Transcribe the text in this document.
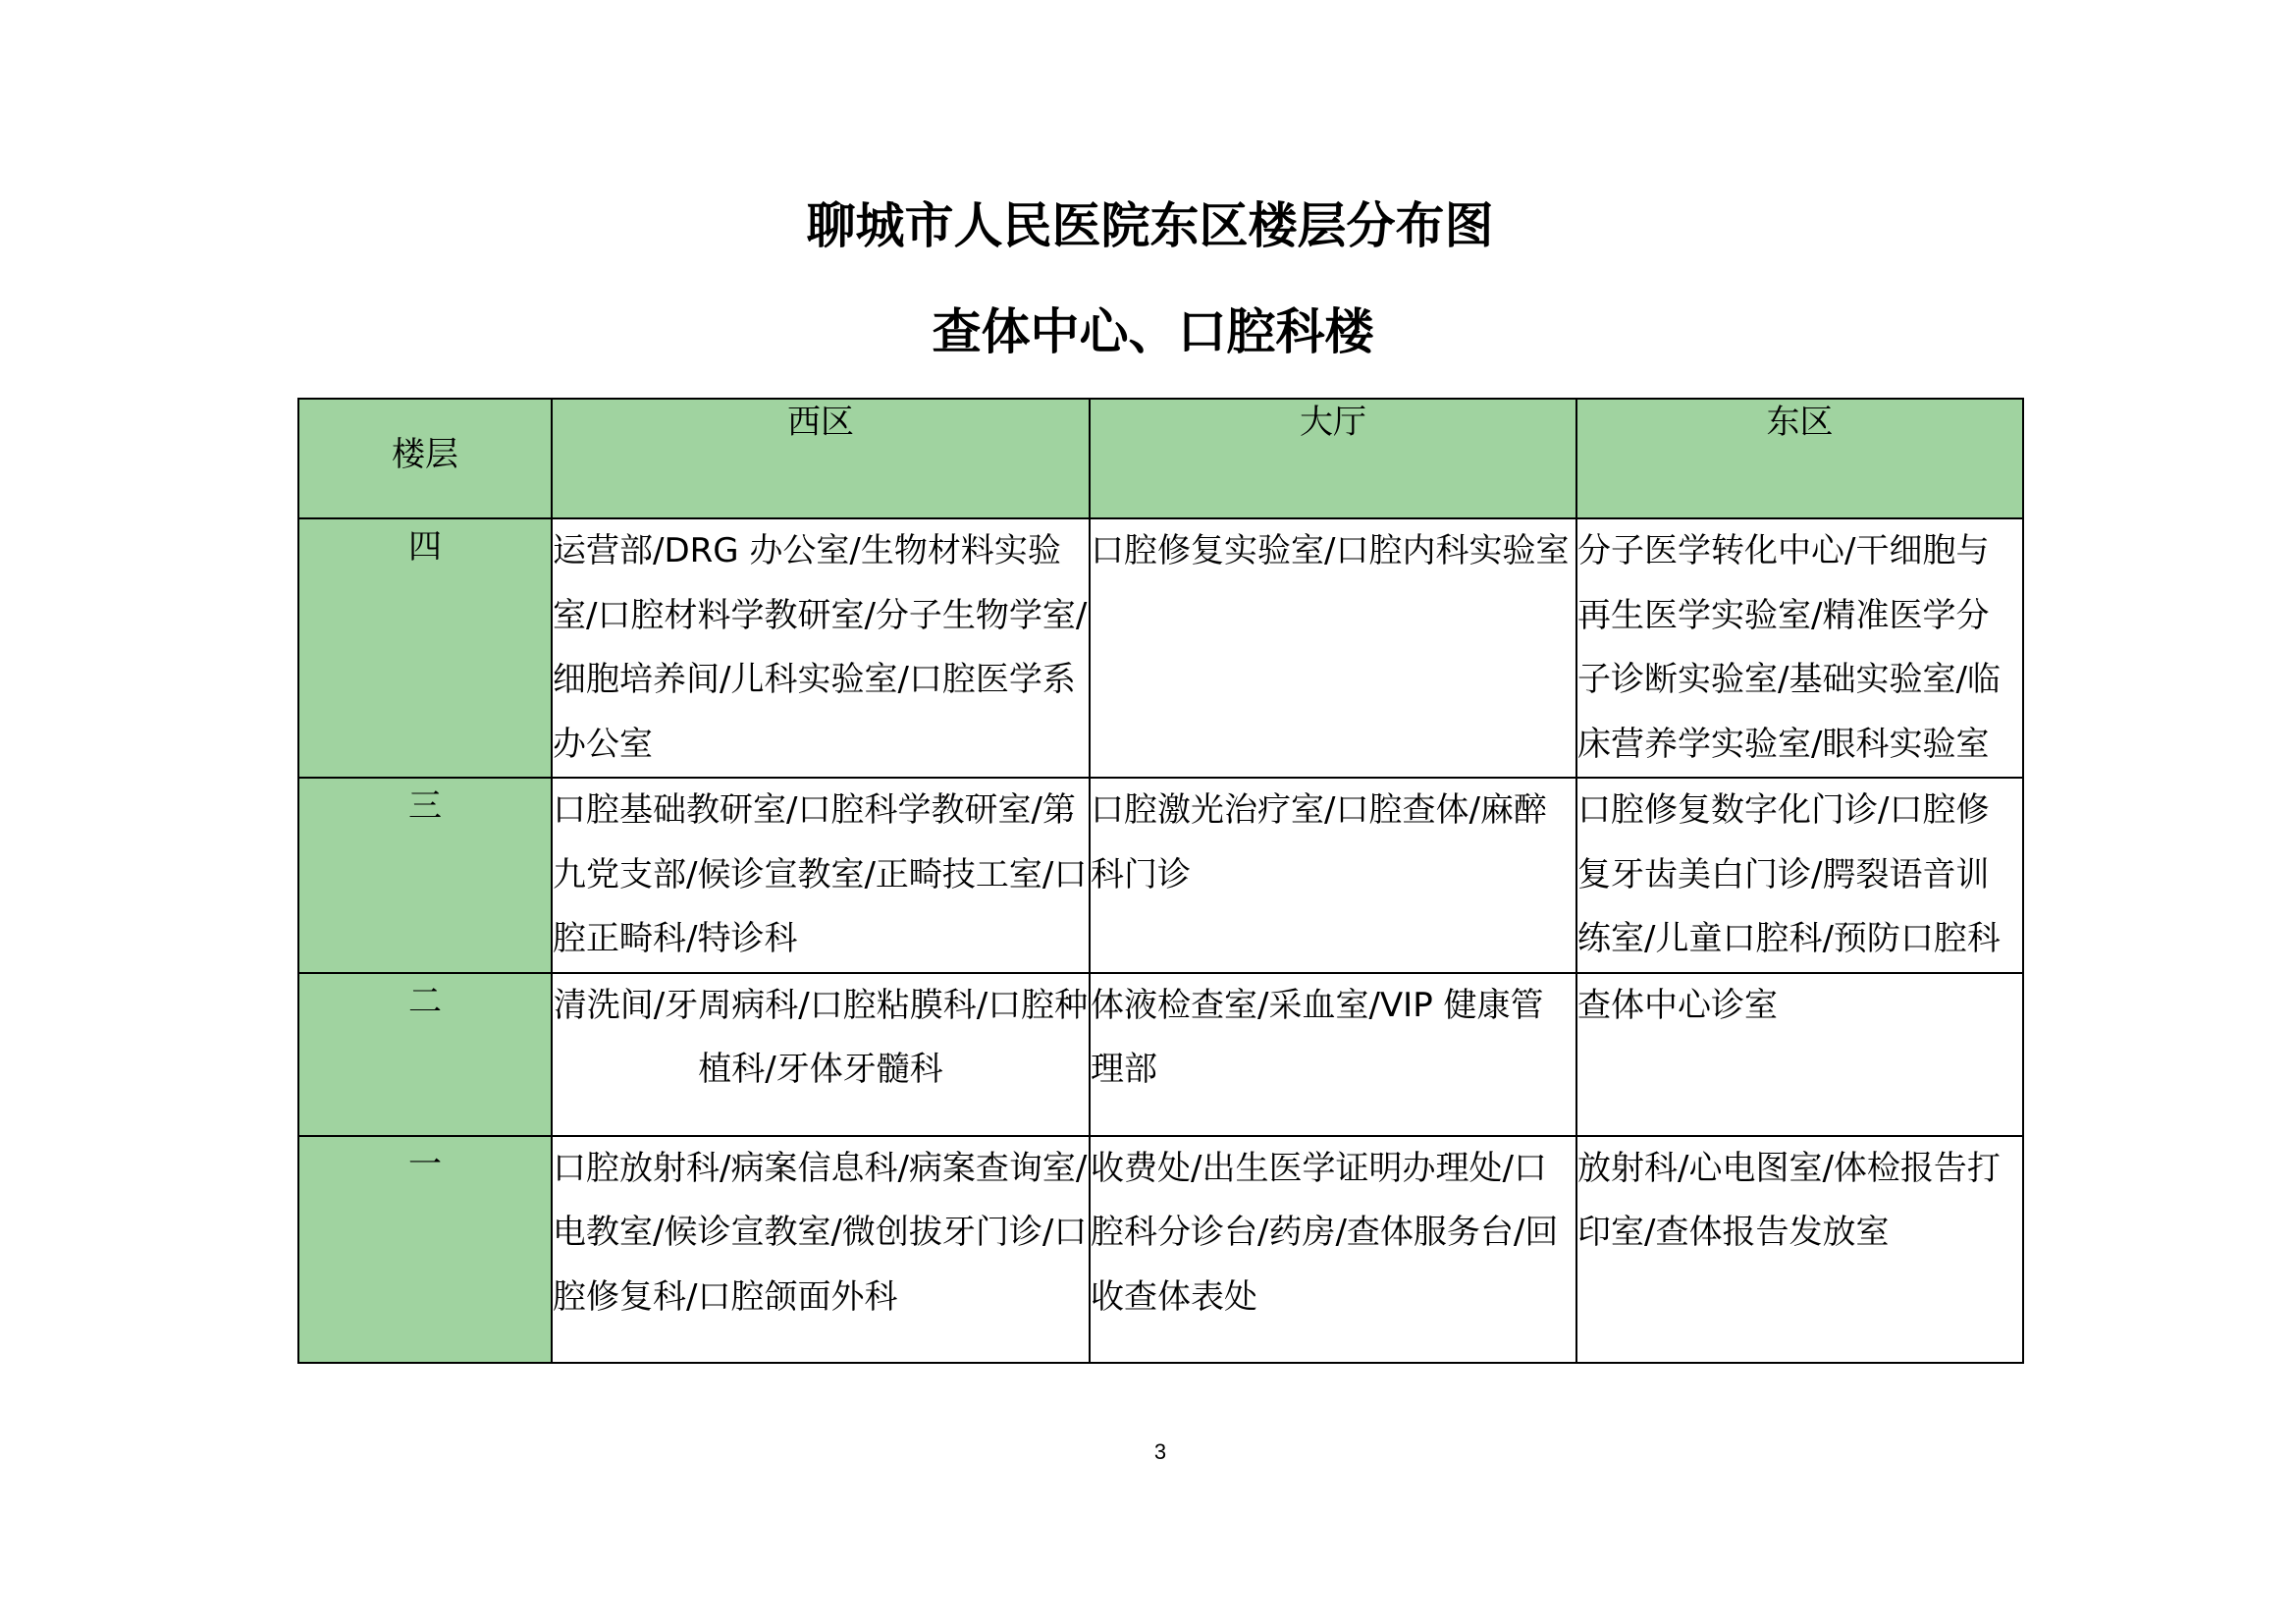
聊城市人民医院东区楼层分布图
查体中心、口腔科楼
楼层	西区	大厅	东区
四	运营部/DRG 办公室/生物材料实验室/口腔材料学教研室/分子生物学室/细胞培养间/儿科实验室/口腔医学系办公室	口腔修复实验室/口腔内科实验室	分子医学转化中心/干细胞与再生医学实验室/精准医学分子诊断实验室/基础实验室/临床营养学实验室/眼科实验室
三	口腔基础教研室/口腔科学教研室/第九党支部/候诊宣教室/正畸技工室/口腔正畸科/特诊科	口腔激光治疗室/口腔查体/麻醉科门诊	口腔修复数字化门诊/口腔修复牙齿美白门诊/腭裂语音训练室/儿童口腔科/预防口腔科
二	清洗间/牙周病科/口腔粘膜科/口腔种植科/牙体牙髓科	体液检查室/采血室/VIP 健康管理部	查体中心诊室
一	口腔放射科/病案信息科/病案查询室/电教室/候诊宣教室/微创拔牙门诊/口腔修复科/口腔颌面外科	收费处/出生医学证明办理处/口腔科分诊台/药房/查体服务台/回收查体表处	放射科/心电图室/体检报告打印室/查体报告发放室
3
